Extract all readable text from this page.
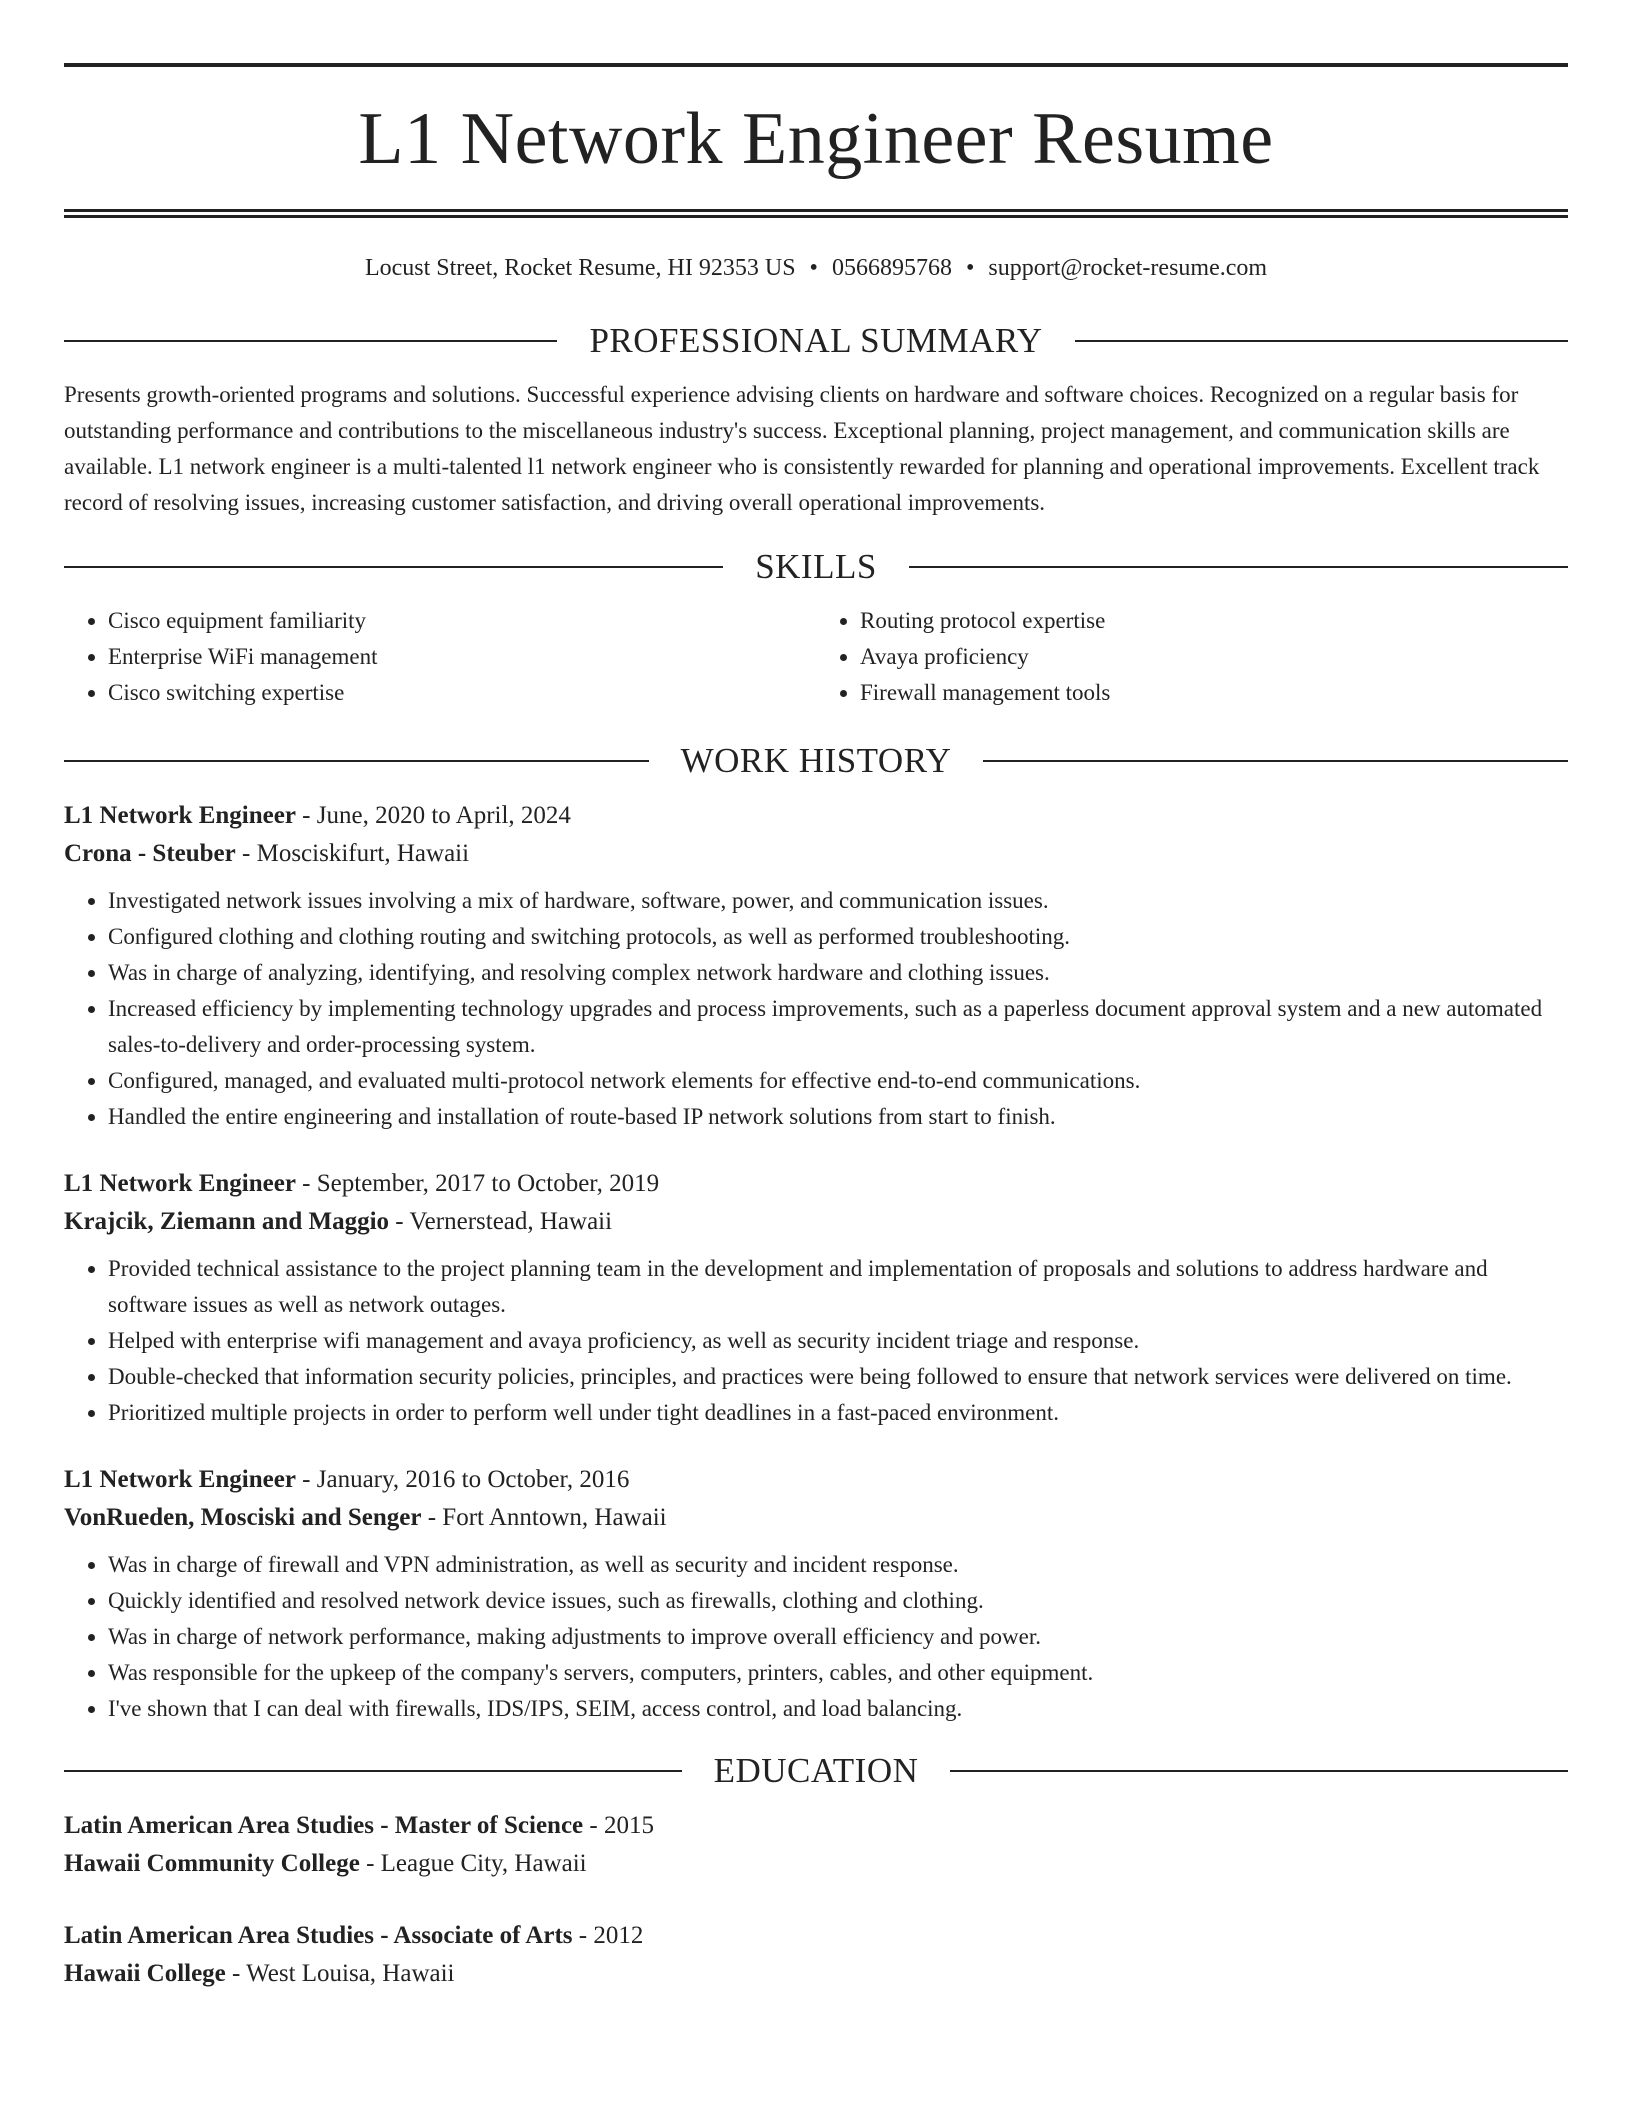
L1 Network Engineer Resume
Locust Street, Rocket Resume, HI 92353 US • 0566895768 • support@rocket-resume.com
PROFESSIONAL SUMMARY
Presents growth-oriented programs and solutions. Successful experience advising clients on hardware and software choices. Recognized on a regular basis for outstanding performance and contributions to the miscellaneous industry's success. Exceptional planning, project management, and communication skills are available. L1 network engineer is a multi-talented l1 network engineer who is consistently rewarded for planning and operational improvements. Excellent track record of resolving issues, increasing customer satisfaction, and driving overall operational improvements.
SKILLS
• Cisco equipment familiarity
• Enterprise WiFi management
• Cisco switching expertise
• Routing protocol expertise
• Avaya proficiency
• Firewall management tools
WORK HISTORY
L1 Network Engineer - June, 2020 to April, 2024
Crona - Steuber - Mosciskifurt, Hawaii
• Investigated network issues involving a mix of hardware, software, power, and communication issues.
• Configured clothing and clothing routing and switching protocols, as well as performed troubleshooting.
• Was in charge of analyzing, identifying, and resolving complex network hardware and clothing issues.
• Increased efficiency by implementing technology upgrades and process improvements, such as a paperless document approval system and a new automated sales-to-delivery and order-processing system.
• Configured, managed, and evaluated multi-protocol network elements for effective end-to-end communications.
• Handled the entire engineering and installation of route-based IP network solutions from start to finish.
L1 Network Engineer - September, 2017 to October, 2019
Krajcik, Ziemann and Maggio - Vernerstead, Hawaii
• Provided technical assistance to the project planning team in the development and implementation of proposals and solutions to address hardware and software issues as well as network outages.
• Helped with enterprise wifi management and avaya proficiency, as well as security incident triage and response.
• Double-checked that information security policies, principles, and practices were being followed to ensure that network services were delivered on time.
• Prioritized multiple projects in order to perform well under tight deadlines in a fast-paced environment.
L1 Network Engineer - January, 2016 to October, 2016
VonRueden, Mosciski and Senger - Fort Anntown, Hawaii
• Was in charge of firewall and VPN administration, as well as security and incident response.
• Quickly identified and resolved network device issues, such as firewalls, clothing and clothing.
• Was in charge of network performance, making adjustments to improve overall efficiency and power.
• Was responsible for the upkeep of the company's servers, computers, printers, cables, and other equipment.
• I've shown that I can deal with firewalls, IDS/IPS, SEIM, access control, and load balancing.
EDUCATION
Latin American Area Studies - Master of Science - 2015
Hawaii Community College - League City, Hawaii
Latin American Area Studies - Associate of Arts - 2012
Hawaii College - West Louisa, Hawaii
